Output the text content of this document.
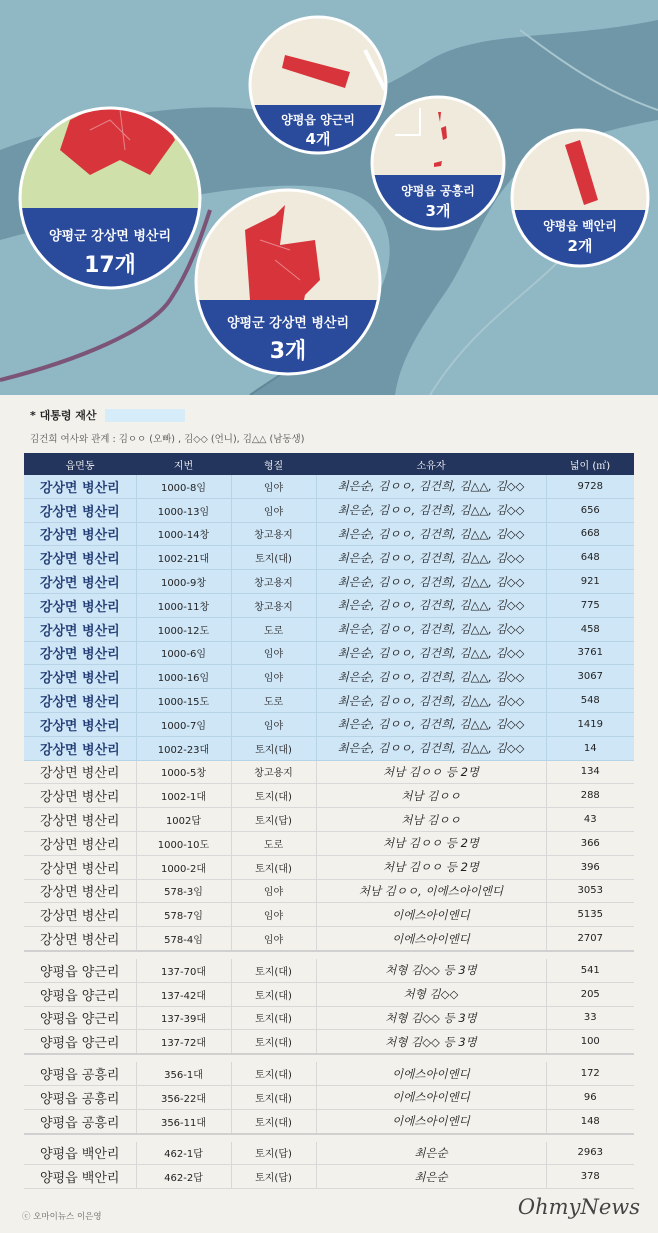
양평군 강상면 병산리
17개
양평군 강상면 병산리
3개
양평읍 양근리
4개
양평읍 공흥리
3개
양평읍 백안리
2개
* 대통령 재산
김건희 여사와 관계 : 김ㅇㅇ (오빠) , 김◇◇ (언니), 김△△ (남동생)
읍면동	지번	형질	소유자	넓이 (㎡)
강상면 병산리	1000-8임	임야	최은순, 김ㅇㅇ, 김건희, 김△△, 김◇◇	9728
강상면 병산리	1000-13임	임야	최은순, 김ㅇㅇ, 김건희, 김△△, 김◇◇	656
강상면 병산리	1000-14창	창고용지	최은순, 김ㅇㅇ, 김건희, 김△△, 김◇◇	668
강상면 병산리	1002-21대	토지(대)	최은순, 김ㅇㅇ, 김건희, 김△△, 김◇◇	648
강상면 병산리	1000-9창	창고용지	최은순, 김ㅇㅇ, 김건희, 김△△, 김◇◇	921
강상면 병산리	1000-11창	창고용지	최은순, 김ㅇㅇ, 김건희, 김△△, 김◇◇	775
강상면 병산리	1000-12도	도로	최은순, 김ㅇㅇ, 김건희, 김△△, 김◇◇	458
강상면 병산리	1000-6임	임야	최은순, 김ㅇㅇ, 김건희, 김△△, 김◇◇	3761
강상면 병산리	1000-16임	임야	최은순, 김ㅇㅇ, 김건희, 김△△, 김◇◇	3067
강상면 병산리	1000-15도	도로	최은순, 김ㅇㅇ, 김건희, 김△△, 김◇◇	548
강상면 병산리	1000-7임	임야	최은순, 김ㅇㅇ, 김건희, 김△△, 김◇◇	1419
강상면 병산리	1002-23대	토지(대)	최은순, 김ㅇㅇ, 김건희, 김△△, 김◇◇	14
강상면 병산리	1000-5창	창고용지	처남 김ㅇㅇ 등 2명	134
강상면 병산리	1002-1대	토지(대)	처남 김ㅇㅇ	288
강상면 병산리	1002답	토지(답)	처남 김ㅇㅇ	43
강상면 병산리	1000-10도	도로	처남 김ㅇㅇ 등 2명	366
강상면 병산리	1000-2대	토지(대)	처남 김ㅇㅇ 등 2명	396
강상면 병산리	578-3임	임야	처남 김ㅇㅇ, 이에스아이엔디	3053
강상면 병산리	578-7임	임야	이에스아이엔디	5135
강상면 병산리	578-4임	임야	이에스아이엔디	2707

양평읍 양근리	137-70대	토지(대)	처형 김◇◇ 등 3명	541
양평읍 양근리	137-42대	토지(대)	처형 김◇◇	205
양평읍 양근리	137-39대	토지(대)	처형 김◇◇ 등 3명	33
양평읍 양근리	137-72대	토지(대)	처형 김◇◇ 등 3명	100

양평읍 공흥리	356-1대	토지(대)	이에스아이엔디	172
양평읍 공흥리	356-22대	토지(대)	이에스아이엔디	96
양평읍 공흥리	356-11대	토지(대)	이에스아이엔디	148

양평읍 백안리	462-1답	토지(답)	최은순	2963
양평읍 백안리	462-2답	토지(답)	최은순	378
ⓒ 오마이뉴스 이은영	OhmyNews
